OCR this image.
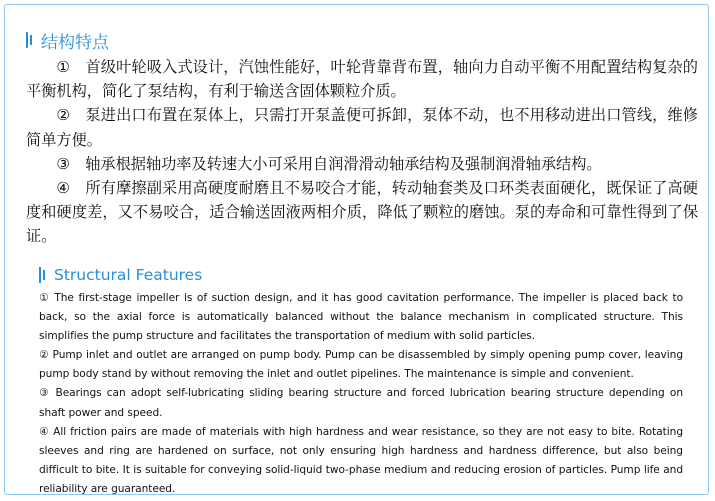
结构特点

①　首级叶轮吸入式设计，汽蚀性能好，叶轮背靠背布置，轴向力自动平衡不用配置结构复杂的平衡机构，简化了泵结构，有利于输送含固体颗粒介质。

②　泵进出口布置在泵体上，只需打开泵盖便可拆卸，泵体不动，也不用移动进出口管线，维修简单方便。

③　轴承根据轴功率及转速大小可采用自润滑滑动轴承结构及强制润滑轴承结构。

④　所有摩擦副采用高硬度耐磨且不易咬合才能，转动轴套类及口环类表面硬化，既保证了高硬度和硬度差，又不易咬合，适合输送固液两相介质，降低了颗粒的磨蚀。泵的寿命和可靠性得到了保证。

Structural Features

① The first-stage impeller is of suction design, and it has good cavitation performance. The impeller is placed back to back, so the axial force is automatically balanced without the balance mechanism in complicated structure. This simplifies the pump structure and facilitates the transportation of medium with solid particles.

② Pump inlet and outlet are arranged on pump body. Pump can be disassembled by simply opening pump cover, leaving pump body stand by without removing the inlet and outlet pipelines. The maintenance is simple and convenient.

③ Bearings can adopt self-lubricating sliding bearing structure and forced lubrication bearing structure depending on shaft power and speed.

④ All friction pairs are made of materials with high hardness and wear resistance, so they are not easy to bite. Rotating sleeves and ring are hardened on surface, not only ensuring high hardness and hardness difference, but also being difficult to bite. It is suitable for conveying solid-liquid two-phase medium and reducing erosion of particles. Pump life and reliability are guaranteed.
